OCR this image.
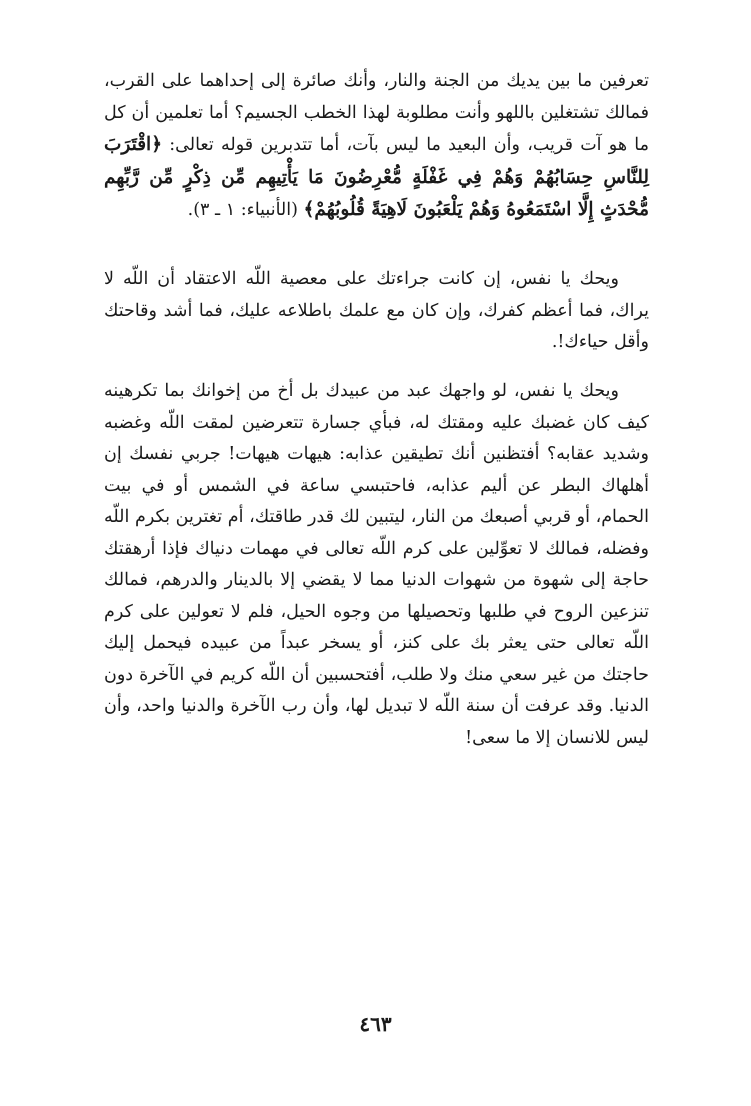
تعرفين ما بين يديك من الجنة والنار، وأنك صائرة إلى إحداهما على القرب، فمالك تشتغلين باللهو وأنت مطلوبة لهذا الخطب الجسيم؟ أما تعلمين أن كل ما هو آت قريب، وأن البعيد ما ليس بآت، أما تتدبرين قوله تعالى: ﴿اقْتَرَبَ لِلنَّاسِ حِسَابُهُمْ وَهُمْ فِي غَفْلَةٍ مُّعْرِضُونَ مَا يَأْتِيهِم مِّن ذِكْرٍ مِّن رَّبِّهِم مُّحْدَثٍ إِلَّا اسْتَمَعُوهُ وَهُمْ يَلْعَبُونَ لَاهِيَةً قُلُوبُهُمْ﴾ (الأنبياء: ١ ـ ٣).

ويحك يا نفس، إن كانت جراءتك على معصية اللّه الاعتقاد أن اللّه لا يراك، فما أعظم كفرك، وإن كان مع علمك باطلاعه عليك، فما أشد وقاحتك وأقل حياءك!.

ويحك يا نفس، لو واجهك عبد من عبيدك بل أخ من إخوانك بما تكرهينه كيف كان غضبك عليه ومقتك له، فبأي جسارة تتعرضين لمقت اللّه وغضبه وشديد عقابه؟ أفتظنين أنك تطيقين عذابه: هيهات هيهات! جربي نفسك إن أهلهاك البطر عن أليم عذابه، فاحتبسي ساعة في الشمس أو في بيت الحمام، أو قربي أصبعك من النار، ليتبين لك قدر طاقتك، أم تغترين بكرم اللّه وفضله، فمالك لا تعوِّلين على كرم اللّه تعالى في مهمات دنياك فإذا أرهقتك حاجة إلى شهوة من شهوات الدنيا مما لا يقضي إلا بالدينار والدرهم، فمالك تنزعين الروح في طلبها وتحصيلها من وجوه الحيل، فلم لا تعولين على كرم اللّه تعالى حتى يعثر بك على كنز، أو يسخر عبداً من عبيده فيحمل إليك حاجتك من غير سعي منك ولا طلب، أفتحسبين أن اللّه كريم في الآخرة دون الدنيا. وقد عرفت أن سنة اللّه لا تبديل لها، وأن رب الآخرة والدنيا واحد، وأن ليس للانسان إلا ما سعى!

٤٦٣
